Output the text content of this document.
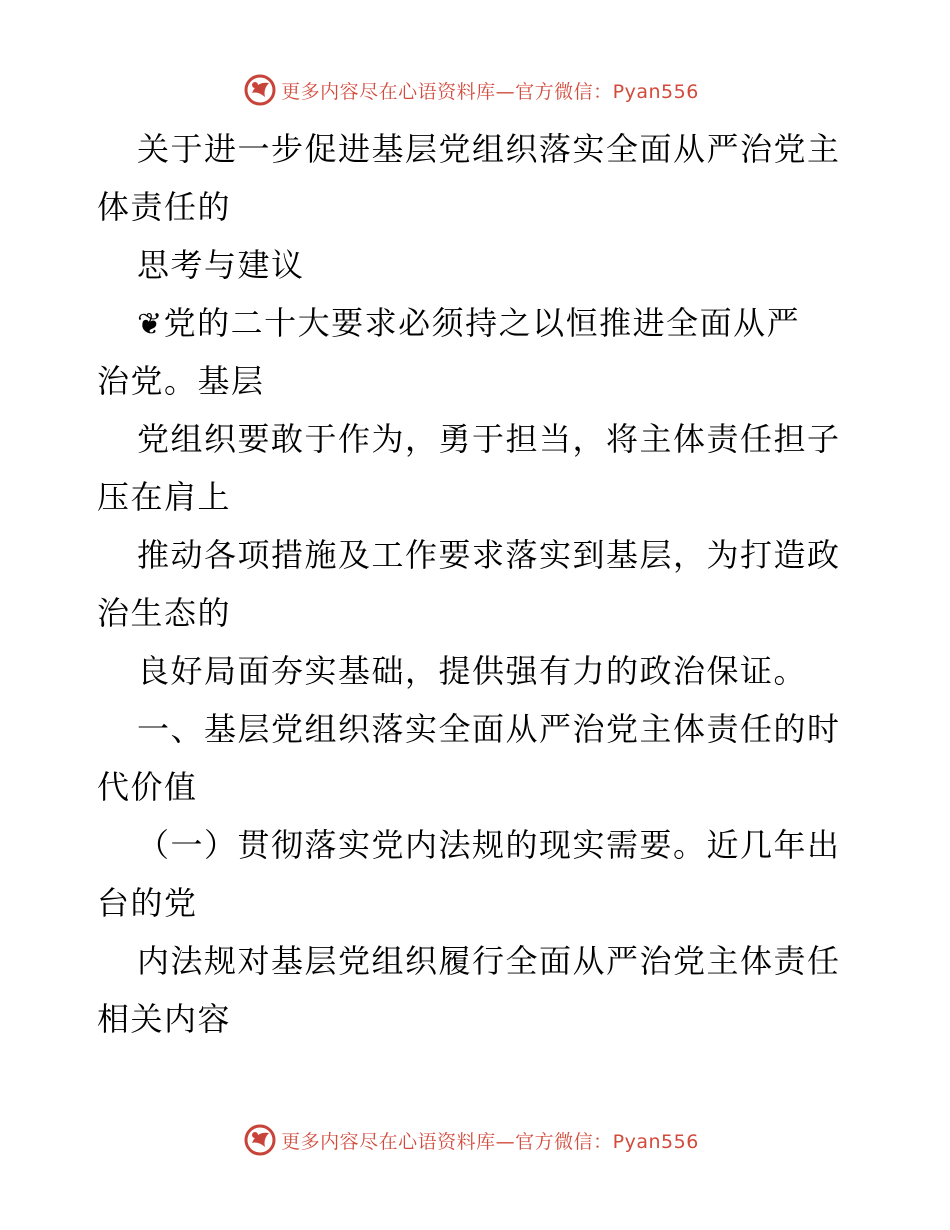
更多内容尽在心语资料库— 官方微信：Pyan556
关于进一步促进基层党组织落实全面从严治党主
体责任的
思考与建议
❦党的二十大要求必须持之以恒推进全面从严
治党。基层
党组织要敢于作为，勇于担当，将主体责任担子
压在肩上
推动各项措施及工作要求落实到基层，为打造政
治生态的
良好局面夯实基础，提供强有力的政治保证。
一、基层党组织落实全面从严治党主体责任的时
代价值
（一）贯彻落实党内法规的现实需要。近几年出
台的党
内法规对基层党组织履行全面从严治党主体责任
相关内容
更多内容尽在心语资料库— 官方微信：Pyan556
